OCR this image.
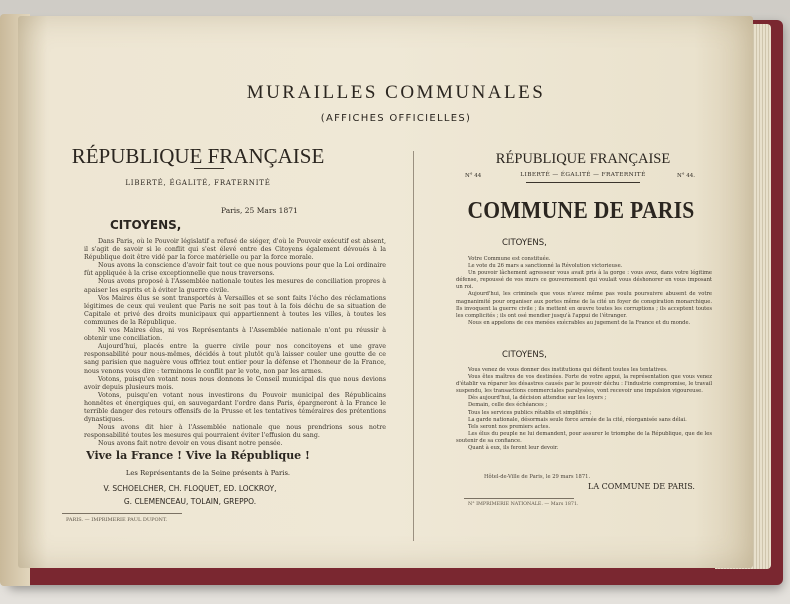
MURAILLES COMMUNALES
(AFFICHES OFFICIELLES)
RÉPUBLIQUE FRANÇAISE
LIBERTÉ, ÉGALITÉ, FRATERNITÉ
Paris, 25 Mars 1871
CITOYENS,

Dans Paris, où le Pouvoir législatif a refusé de siéger, d'où le Pouvoir exécutif est absent, il s'agit de savoir si le conflit qui s'est élevé entre des Citoyens également dévoués à la République doit être vidé par la force matérielle ou par la force morale.

Nous avons la conscience d'avoir fait tout ce que nous pouvions pour que la Loi ordinaire fût appliquée à la crise exceptionnelle que nous traversons.

Nous avons proposé à l'Assemblée nationale toutes les mesures de conciliation propres à apaiser les esprits et à éviter la guerre civile.

Vos Maires élus se sont transportés à Versailles et se sont faits l'écho des réclamations légitimes de ceux qui veulent que Paris ne soit pas tout à la fois déchu de sa situation de Capitale et privé des droits municipaux qui appartiennent à toutes les villes, à toutes les communes de la République.

Ni vos Maires élus, ni vos Représentants à l'Assemblée nationale n'ont pu réussir à obtenir une conciliation.

Aujourd'hui, placés entre la guerre civile pour nos concitoyens et une grave responsabilité pour nous-mêmes, décidés à tout plutôt qu'à laisser couler une goutte de ce sang parisien que naguère vous offriez tout entier pour la défense et l'honneur de la France, nous venons vous dire : terminons le conflit par le vote, non par les armes.

Votons, puisqu'en votant nous nous donnons le Conseil municipal dis que nous devions avoir depuis plusieurs mois.

Votons, puisqu'en votant nous investirons du Pouvoir municipal des Républicains honnêtes et énergiques qui, en sauvegardant l'ordre dans Paris, épargneront à la France le terrible danger des retours offensifs de la Prusse et les tentatives téméraires des prétentions dynastiques.

Nous avons dit hier à l'Assemblée nationale que nous prendrions sous notre responsabilité toutes les mesures qui pourraient éviter l'effusion du sang.

Nous avons fait notre devoir en vous disant notre pensée.

Vive la France ! Vive la République !
Les Représentants de la Seine présents à Paris.
V. SCHOELCHER, CH. FLOQUET, ED. LOCKROY,
G. CLEMENCEAU, TOLAIN, GREPPO.
PARIS. — IMPRIMERIE PAUL DUPONT.
RÉPUBLIQUE FRANÇAISE
N° 44	N° 44.
LIBERTÉ — ÉGALITÉ — FRATERNITÉ
COMMUNE DE PARIS
CITOYENS,

Votre Commune est constituée.

Le vote du 26 mars a sanctionné la Révolution victorieuse.

Un pouvoir lâchement agresseur vous avait pris à la gorge : vous avez, dans votre légitime défense, repoussé de vos murs ce gouvernement qui voulait vous déshonorer en vous imposant un roi.

Aujourd'hui, les criminels que vous n'avez même pas voulu poursuivre abusent de votre magnanimité pour organiser aux portes même de la cité un foyer de conspiration monarchique. Ils invoquent la guerre civile ; ils mettent en œuvre toutes les corruptions ; ils acceptent toutes les complicités ; ils ont osé mendier jusqu'à l'appui de l'étranger.

Nous en appelons de ces menées exécrables au jugement de la France et du monde.

CITOYENS,

Vous venez de vous donner des institutions qui défient toutes les tentatives.

Vous êtes maîtres de vos destinées. Forte de votre appui, la représentation que vous venez d'établir va réparer les désastres causés par le pouvoir déchu : l'industrie compromise, le travail suspendu, les transactions commerciales paralysées, vont recevoir une impulsion vigoureuse.

Dès aujourd'hui, la décision attendue sur les loyers ;

Demain, celle des échéances ;

Tous les services publics rétablis et simplifiés ;

La garde nationale, désormais seule force armée de la cité, réorganisée sans délai.

Tels seront nos premiers actes.

Les élus du peuple ne lui demandent, pour assurer le triomphe de la République, que de les soutenir de sa confiance.

Quant à eux, ils feront leur devoir.

Hôtel-de-Ville de Paris, le 29 mars 1871.
LA COMMUNE DE PARIS.
N° IMPRIMERIE NATIONALE. — Mars 1871.
